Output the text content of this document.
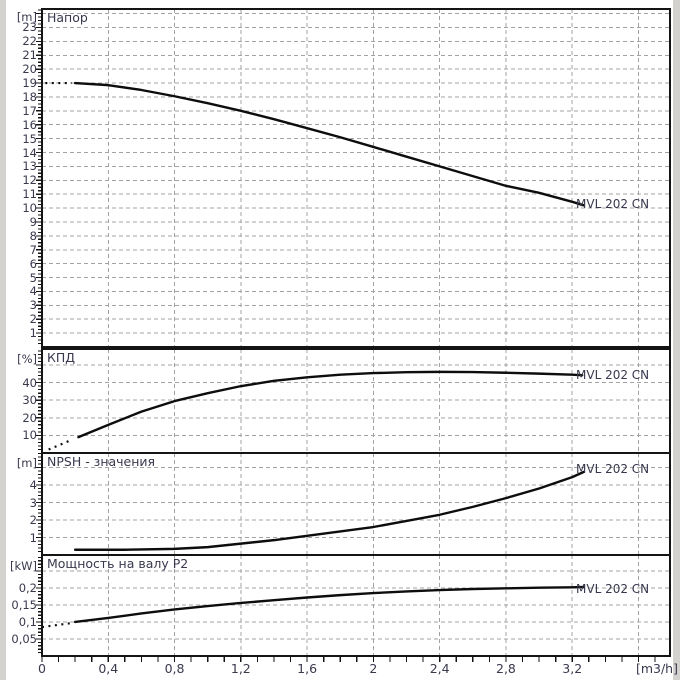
Напор
[m]
MVL 202 CN
КПД
[%]
MVL 202 CN
NPSH - значения
[m]	MVL 202 CN
Мощность на валу P2
[kW]
MVL 202 CN
[m3/h]
1
2
3
4
5
6
7
8
9
10
11
12
13
14
15
16
17
18
19
20
21
22
23
10
20
30
40
1
2
3
4
0,05
0,1
0,15
0,2
0	0,4	0,8	1,2	1,6	2	2,4	2,8	3,2
